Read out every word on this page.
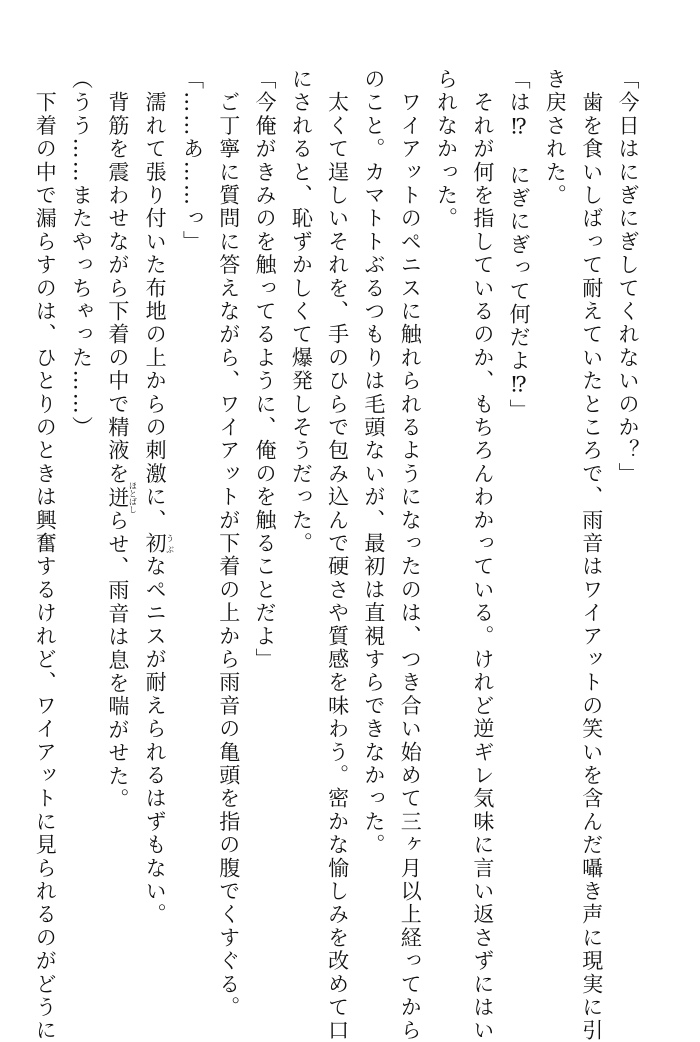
「今日はにぎにぎしてくれないのか？」
　歯を食いしばって耐えていたところで、雨音はワイアットの笑いを含んだ囁き声に現実に引
き戻された。
「は⁉　にぎにぎって何だよ⁉」
　それが何を指しているのか、もちろんわかっている。けれど逆ギレ気味に言い返さずにはい
られなかった。
　ワイアットのペニスに触れられるようになったのは、つき合い始めて三ヶ月以上経ってから
のこと。カマトトぶるつもりは毛頭ないが、最初は直視すらできなかった。
　太くて逞しいそれを、手のひらで包み込んで硬さや質感を味わう。密かな愉しみを改めて口
にされると、恥ずかしくて爆発しそうだった。
「今俺がきみのを触ってるように、俺のを触ることだよ」
　ご丁寧に質問に答えながら、ワイアットが下着の上から雨音の亀頭を指の腹でくすぐる。
「……あ……っ」
　濡れて張り付いた布地の上からの刺激に、初うぶなペニスが耐えられるはずもない。
　背筋を震わせながら下着の中で精液を迸ほとばしらせ、雨音は息を喘がせた。
（うう……またやっちゃった……）
　下着の中で漏らすのは、ひとりのときは興奮するけれど、ワイアットに見られるのがどうに
